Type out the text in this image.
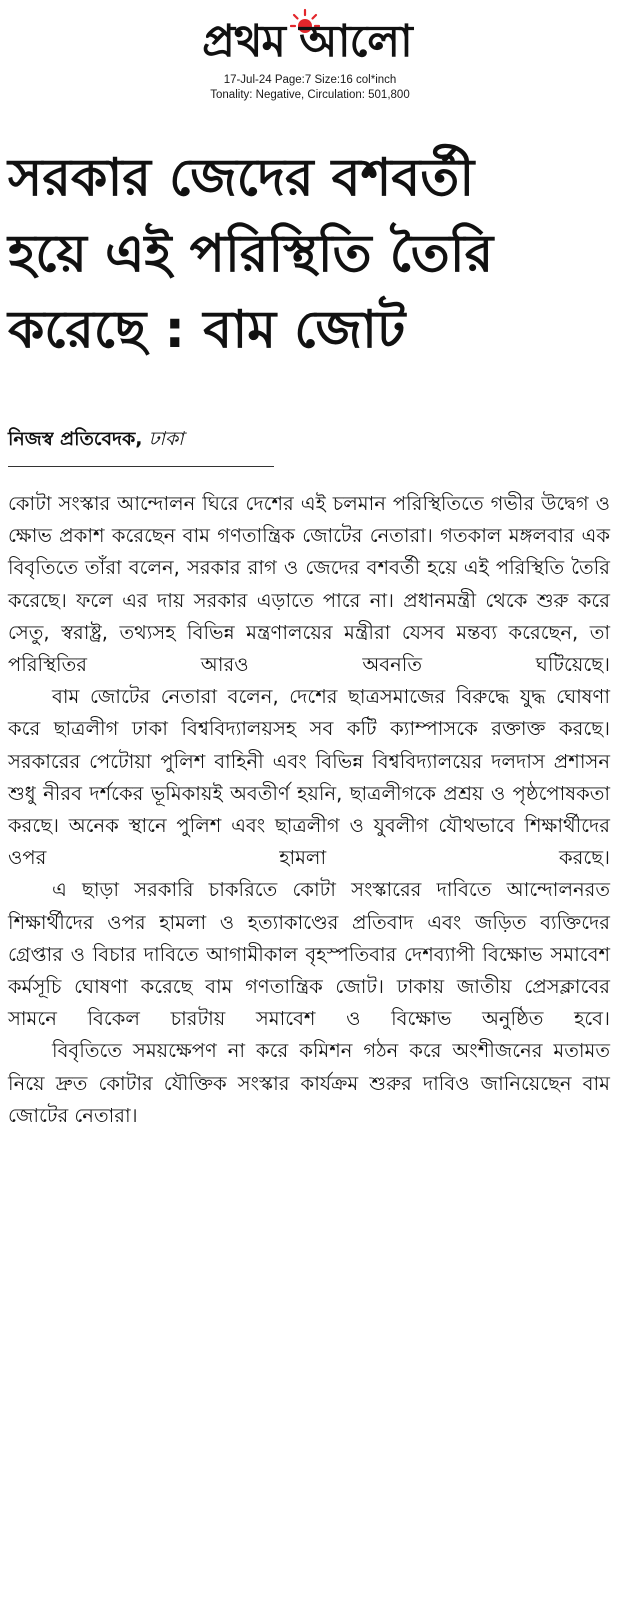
প্রথম আলো
17-Jul-24 Page:7 Size:16 col*inch
Tonality: Negative, Circulation: 501,800
সরকার জেদের বশবর্তী
হয়ে এই পরিস্থিতি তৈরি
করেছে : বাম জোট
নিজস্ব প্রতিবেদক, ঢাকা

কোটা সংস্কার আন্দোলন ঘিরে দেশের এই চলমান পরিস্থিতিতে গভীর উদ্বেগ ও ক্ষোভ প্রকাশ করেছেন বাম গণতান্ত্রিক জোটের নেতারা। গতকাল মঙ্গলবার এক বিবৃতিতে তাঁরা বলেন, সরকার রাগ ও জেদের বশবর্তী হয়ে এই পরিস্থিতি তৈরি করেছে। ফলে এর দায় সরকার এড়াতে পারে না। প্রধানমন্ত্রী থেকে শুরু করে সেতু, স্বরাষ্ট্র, তথ্যসহ বিভিন্ন মন্ত্রণালয়ের মন্ত্রীরা যেসব মন্তব্য করেছেন, তা পরিস্থিতির আরও অবনতি ঘটিয়েছে।

বাম জোটের নেতারা বলেন, দেশের ছাত্রসমাজের বিরুদ্ধে যুদ্ধ ঘোষণা করে ছাত্রলীগ ঢাকা বিশ্ববিদ্যালয়সহ সব কটি ক্যাম্পাসকে রক্তাক্ত করছে। সরকারের পেটোয়া পুলিশ বাহিনী এবং বিভিন্ন বিশ্ববিদ্যালয়ের দলদাস প্রশাসন শুধু নীরব দর্শকের ভূমিকায়ই অবতীর্ণ হয়নি, ছাত্রলীগকে প্রশ্রয় ও পৃষ্ঠপোষকতা করছে। অনেক স্থানে পুলিশ এবং ছাত্রলীগ ও যুবলীগ যৌথভাবে শিক্ষার্থীদের ওপর হামলা করছে।

এ ছাড়া সরকারি চাকরিতে কোটা সংস্কারের দাবিতে আন্দোলনরত শিক্ষার্থীদের ওপর হামলা ও হত্যাকাণ্ডের প্রতিবাদ এবং জড়িত ব্যক্তিদের গ্রেপ্তার ও বিচার দাবিতে আগামীকাল বৃহস্পতিবার দেশব্যাপী বিক্ষোভ সমাবেশ কর্মসূচি ঘোষণা করেছে বাম গণতান্ত্রিক জোট। ঢাকায় জাতীয় প্রেসক্লাবের সামনে বিকেল চারটায় সমাবেশ ও বিক্ষোভ অনুষ্ঠিত হবে।

বিবৃতিতে সময়ক্ষেপণ না করে কমিশন গঠন করে অংশীজনের মতামত নিয়ে দ্রুত কোটার যৌক্তিক সংস্কার কার্যক্রম শুরুর দাবিও জানিয়েছেন বাম জোটের নেতারা।
